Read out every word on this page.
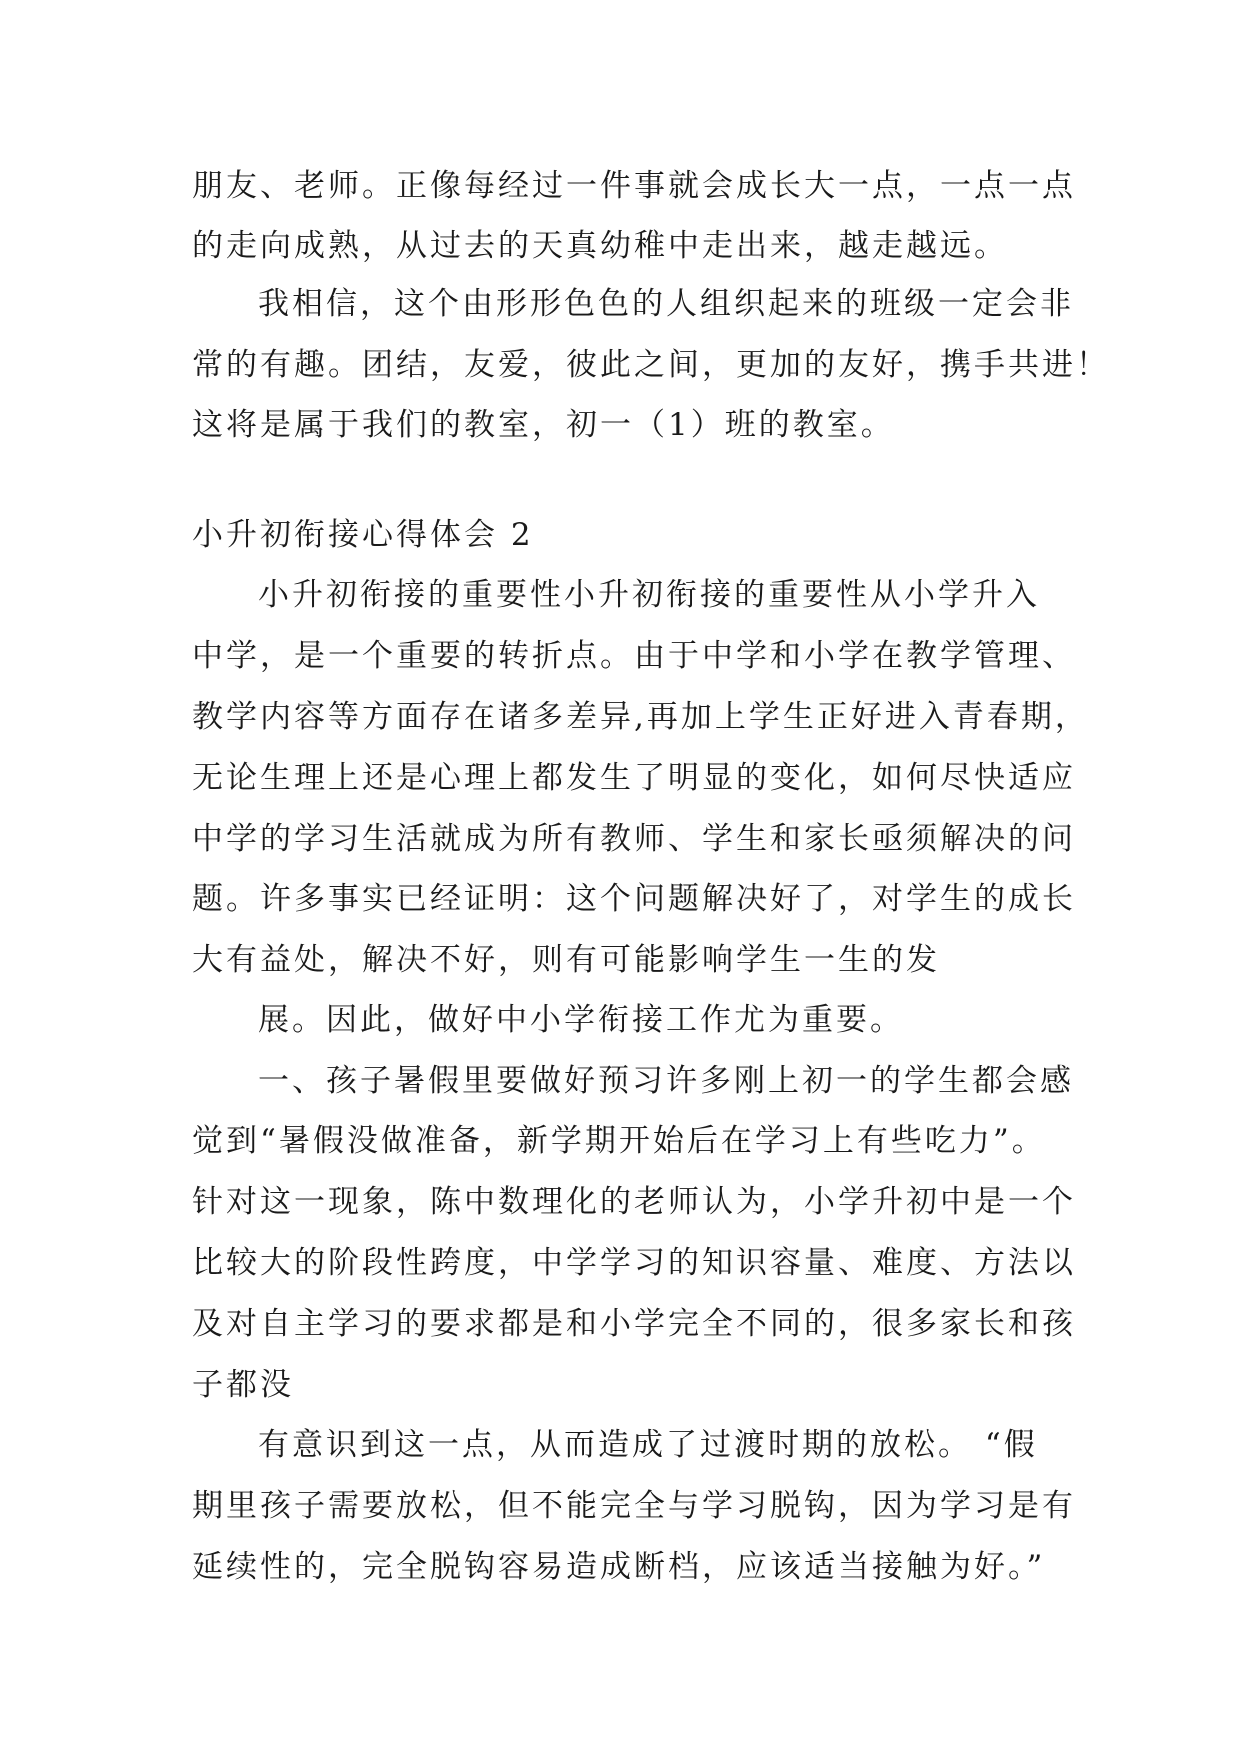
朋友、老师。正像每经过一件事就会成长大一点，一点一点
的走向成熟，从过去的天真幼稚中走出来，越走越远。
我相信，这个由形形色色的人组织起来的班级一定会非
常的有趣。团结，友爱，彼此之间，更加的友好，携手共进！
这将是属于我们的教室，初一（1）班的教室。
小升初衔接心得体会 2
小升初衔接的重要性小升初衔接的重要性从小学升入
中学，是一个重要的转折点。由于中学和小学在教学管理、
教学内容等方面存在诸多差异,再加上学生正好进入青春期，
无论生理上还是心理上都发生了明显的变化，如何尽快适应
中学的学习生活就成为所有教师、学生和家长亟须解决的问
题。许多事实已经证明：这个问题解决好了，对学生的成长
大有益处，解决不好，则有可能影响学生一生的发
展。因此，做好中小学衔接工作尤为重要。
一、孩子暑假里要做好预习许多刚上初一的学生都会感
觉到“暑假没做准备，新学期开始后在学习上有些吃力”。
针对这一现象，陈中数理化的老师认为，小学升初中是一个
比较大的阶段性跨度，中学学习的知识容量、难度、方法以
及对自主学习的要求都是和小学完全不同的，很多家长和孩
子都没
有意识到这一点，从而造成了过渡时期的放松。 “假
期里孩子需要放松，但不能完全与学习脱钩，因为学习是有
延续性的，完全脱钩容易造成断档，应该适当接触为好。”
